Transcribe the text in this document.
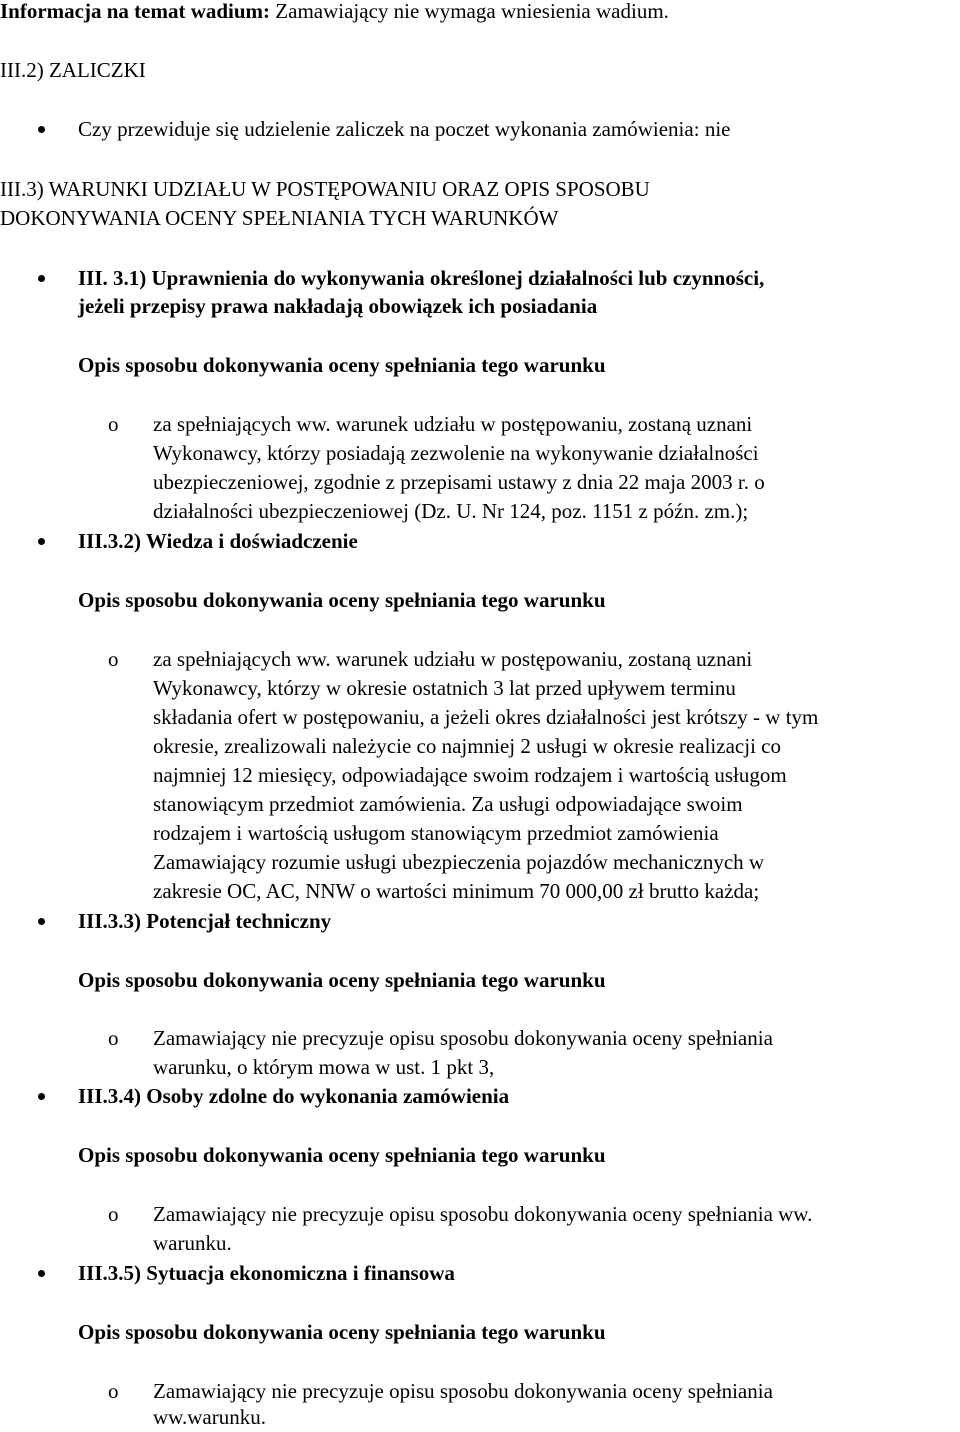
Informacja na temat wadium: Zamawiający nie wymaga wniesienia wadium.
III.2) ZALICZKI
Czy przewiduje się udzielenie zaliczek na poczet wykonania zamówienia: nie
III.3) WARUNKI UDZIAŁU W POSTĘPOWANIU ORAZ OPIS SPOSOBU
DOKONYWANIA OCENY SPEŁNIANIA TYCH WARUNKÓW
III. 3.1) Uprawnienia do wykonywania określonej działalności lub czynności,
jeżeli przepisy prawa nakładają obowiązek ich posiadania
Opis sposobu dokonywania oceny spełniania tego warunku
o za spełniających ww. warunek udziału w postępowaniu, zostaną uznani
Wykonawcy, którzy posiadają zezwolenie na wykonywanie działalności
ubezpieczeniowej, zgodnie z przepisami ustawy z dnia 22 maja 2003 r. o
działalności ubezpieczeniowej (Dz. U. Nr 124, poz. 1151 z późn. zm.);
III.3.2) Wiedza i doświadczenie
Opis sposobu dokonywania oceny spełniania tego warunku
o za spełniających ww. warunek udziału w postępowaniu, zostaną uznani
Wykonawcy, którzy w okresie ostatnich 3 lat przed upływem terminu
składania ofert w postępowaniu, a jeżeli okres działalności jest krótszy - w tym
okresie, zrealizowali należycie co najmniej 2 usługi w okresie realizacji co
najmniej 12 miesięcy, odpowiadające swoim rodzajem i wartością usługom
stanowiącym przedmiot zamówienia. Za usługi odpowiadające swoim
rodzajem i wartością usługom stanowiącym przedmiot zamówienia
Zamawiający rozumie usługi ubezpieczenia pojazdów mechanicznych w
zakresie OC, AC, NNW o wartości minimum 70 000,00 zł brutto każda;
III.3.3) Potencjał techniczny
Opis sposobu dokonywania oceny spełniania tego warunku
o Zamawiający nie precyzuje opisu sposobu dokonywania oceny spełniania
warunku, o którym mowa w ust. 1 pkt 3,
III.3.4) Osoby zdolne do wykonania zamówienia
Opis sposobu dokonywania oceny spełniania tego warunku
o Zamawiający nie precyzuje opisu sposobu dokonywania oceny spełniania ww.
warunku.
III.3.5) Sytuacja ekonomiczna i finansowa
Opis sposobu dokonywania oceny spełniania tego warunku
o Zamawiający nie precyzuje opisu sposobu dokonywania oceny spełniania
ww.warunku.
